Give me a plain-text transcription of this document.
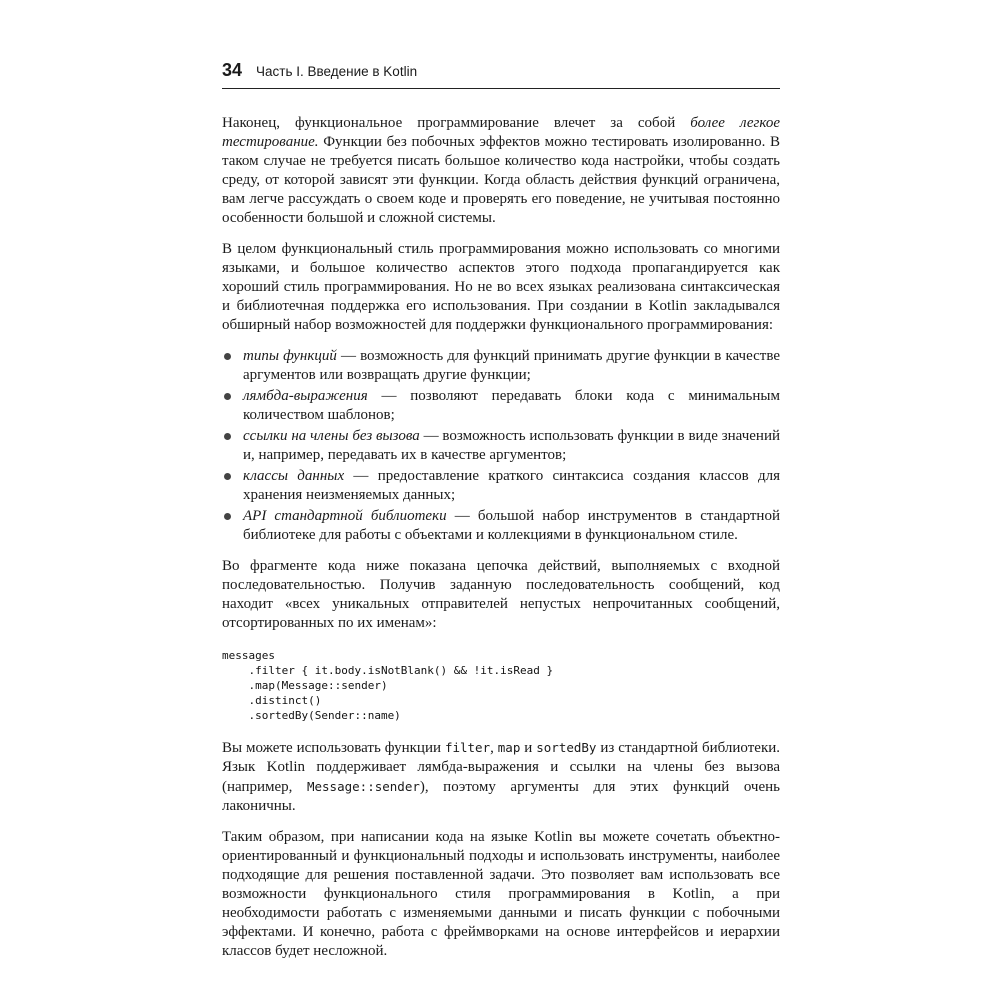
34 Часть I. Введение в Kotlin

Наконец, функциональное программирование влечет за собой более легкое тестирование. Функции без побочных эффектов можно тестировать изолированно. В таком случае не требуется писать большое количество кода настройки, чтобы создать среду, от которой зависят эти функции. Когда область действия функций ограничена, вам легче рассуждать о своем коде и проверять его поведение, не учитывая постоянно особенности большой и сложной системы.

В целом функциональный стиль программирования можно использовать со многими языками, и большое количество аспектов этого подхода пропагандируется как хороший стиль программирования. Но не во всех языках реализована синтаксическая и библиотечная поддержка его использования. При создании в Kotlin закладывался обширный набор возможностей для поддержки функционального программирования:

типы функций — возможность для функций принимать другие функции в качестве аргументов или возвращать другие функции;
лямбда-выражения — позволяют передавать блоки кода с минимальным количеством шаблонов;
ссылки на члены без вызова — возможность использовать функции в виде значений и, например, передавать их в качестве аргументов;
классы данных — предоставление краткого синтаксиса создания классов для хранения неизменяемых данных;
API стандартной библиотеки — большой набор инструментов в стандартной библиотеке для работы с объектами и коллекциями в функциональном стиле.

Во фрагменте кода ниже показана цепочка действий, выполняемых с входной последовательностью. Получив заданную последовательность сообщений, код находит «всех уникальных отправителей непустых непрочитанных сообщений, отсортированных по их именам»:

messages
.filter { it.body.isNotBlank() && !it.isRead }
.map(Message::sender)
.distinct()
.sortedBy(Sender::name)

Вы можете использовать функции filter, map и sortedBy из стандартной библиотеки. Язык Kotlin поддерживает лямбда-выражения и ссылки на члены без вызова (например, Message::sender), поэтому аргументы для этих функций очень лаконичны.

Таким образом, при написании кода на языке Kotlin вы можете сочетать объектно-ориентированный и функциональный подходы и использовать инструменты, наиболее подходящие для решения поставленной задачи. Это позволяет вам использовать все возможности функционального стиля программирования в Kotlin, а при необходимости работать с изменяемыми данными и писать функции с побочными эффектами. И конечно, работа с фреймворками на основе интерфейсов и иерархии классов будет несложной.
